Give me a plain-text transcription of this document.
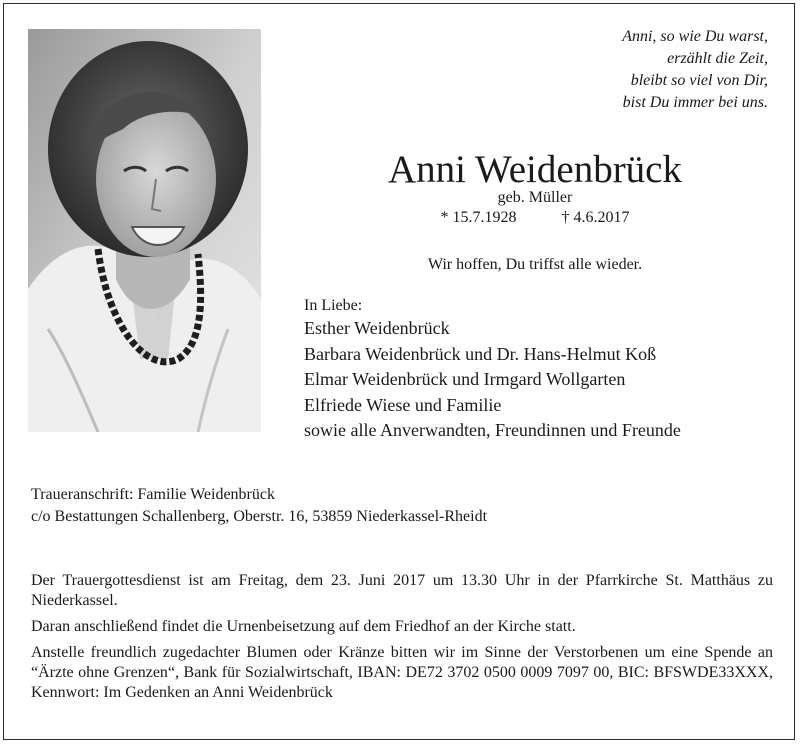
Anni, so wie Du warst,
erzählt die Zeit,
bleibt so viel von Dir,
bist Du immer bei uns.
Anni Weidenbrück
geb. Müller
* 15.7.1928	† 4.6.2017
Wir hoffen, Du triffst alle wieder.
In Liebe:
Esther Weidenbrück
Barbara Weidenbrück und Dr. Hans-Helmut Koß
Elmar Weidenbrück und Irmgard Wollgarten
Elfriede Wiese und Familie
sowie alle Anverwandten, Freundinnen und Freunde
Traueranschrift: Familie Weidenbrück
c/o Bestattungen Schallenberg, Oberstr. 16, 53859 Niederkassel-Rheidt

Der Trauergottesdienst ist am Freitag, dem 23. Juni 2017 um 13.30 Uhr in der Pfarrkirche St. Matthäus zu Niederkassel.

Daran anschließend findet die Urnenbeisetzung auf dem Friedhof an der Kirche statt.

Anstelle freundlich zugedachter Blumen oder Kränze bitten wir im Sinne der Verstorbenen um eine Spende an “Ärzte ohne Grenzen“, Bank für Sozialwirtschaft, IBAN: DE72 3702 0500 0009 7097 00, BIC: BFSWDE33XXX, Kennwort: Im Gedenken an Anni Weidenbrück
